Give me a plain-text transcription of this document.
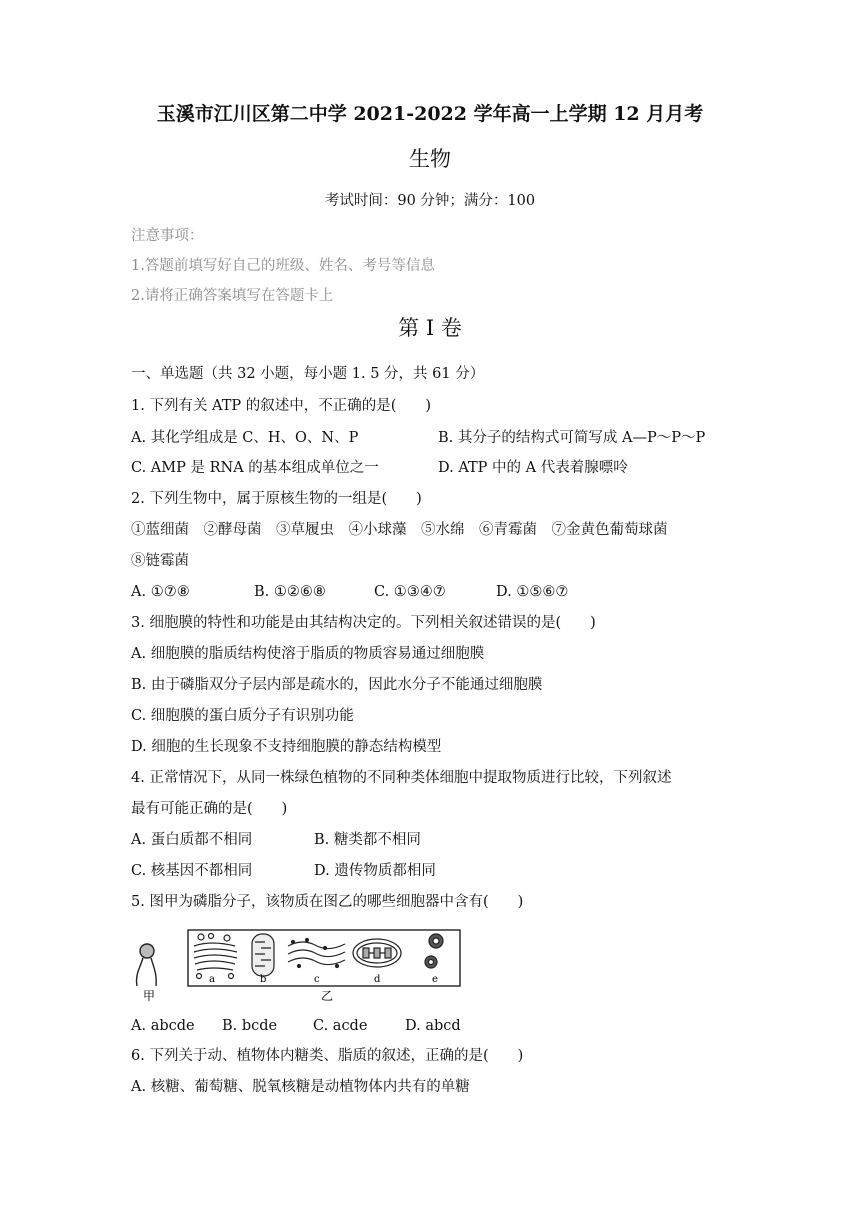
玉溪市江川区第二中学 2021-2022 学年高一上学期 12 月月考
生物
考试时间：90 分钟；满分：100
注意事项：
1.答题前填写好自己的班级、姓名、考号等信息
2.请将正确答案填写在答题卡上
第 I 卷
一、单选题（共 32 小题，每小题 1. 5 分，共 61 分）
1. 下列有关 ATP 的叙述中，不正确的是(　　)
A. 其化学组成是 C、H、O、N、P	B. 其分子的结构式可简写成 A—P～P～P
C. AMP 是 RNA 的基本组成单位之一	D. ATP 中的 A 代表着腺嘌呤
2. 下列生物中，属于原核生物的一组是(　　)
①蓝细菌　②酵母菌　③草履虫　④小球藻　⑤水绵　⑥青霉菌　⑦金黄色葡萄球菌
⑧链霉菌
A. ①⑦⑧	B. ①②⑥⑧	C. ①③④⑦	D. ①⑤⑥⑦
3. 细胞膜的特性和功能是由其结构决定的。下列相关叙述错误的是(　　)
A. 细胞膜的脂质结构使溶于脂质的物质容易通过细胞膜
B. 由于磷脂双分子层内部是疏水的，因此水分子不能通过细胞膜
C. 细胞膜的蛋白质分子有识别功能
D. 细胞的生长现象不支持细胞膜的静态结构模型
4. 正常情况下，从同一株绿色植物的不同种类体细胞中提取物质进行比较，下列叙述
最有可能正确的是(　　)
A. 蛋白质都不相同	B. 糖类都不相同
C. 核基因不都相同	D. 遗传物质都相同
5. 图甲为磷脂分子，该物质在图乙的哪些细胞器中含有(　　)
甲
a	b	c	d	e
乙
A. abcde B. bcde C. acde	D. abcd
6. 下列关于动、植物体内糖类、脂质的叙述，正确的是(　　)
A. 核糖、葡萄糖、脱氧核糖是动植物体内共有的单糖
